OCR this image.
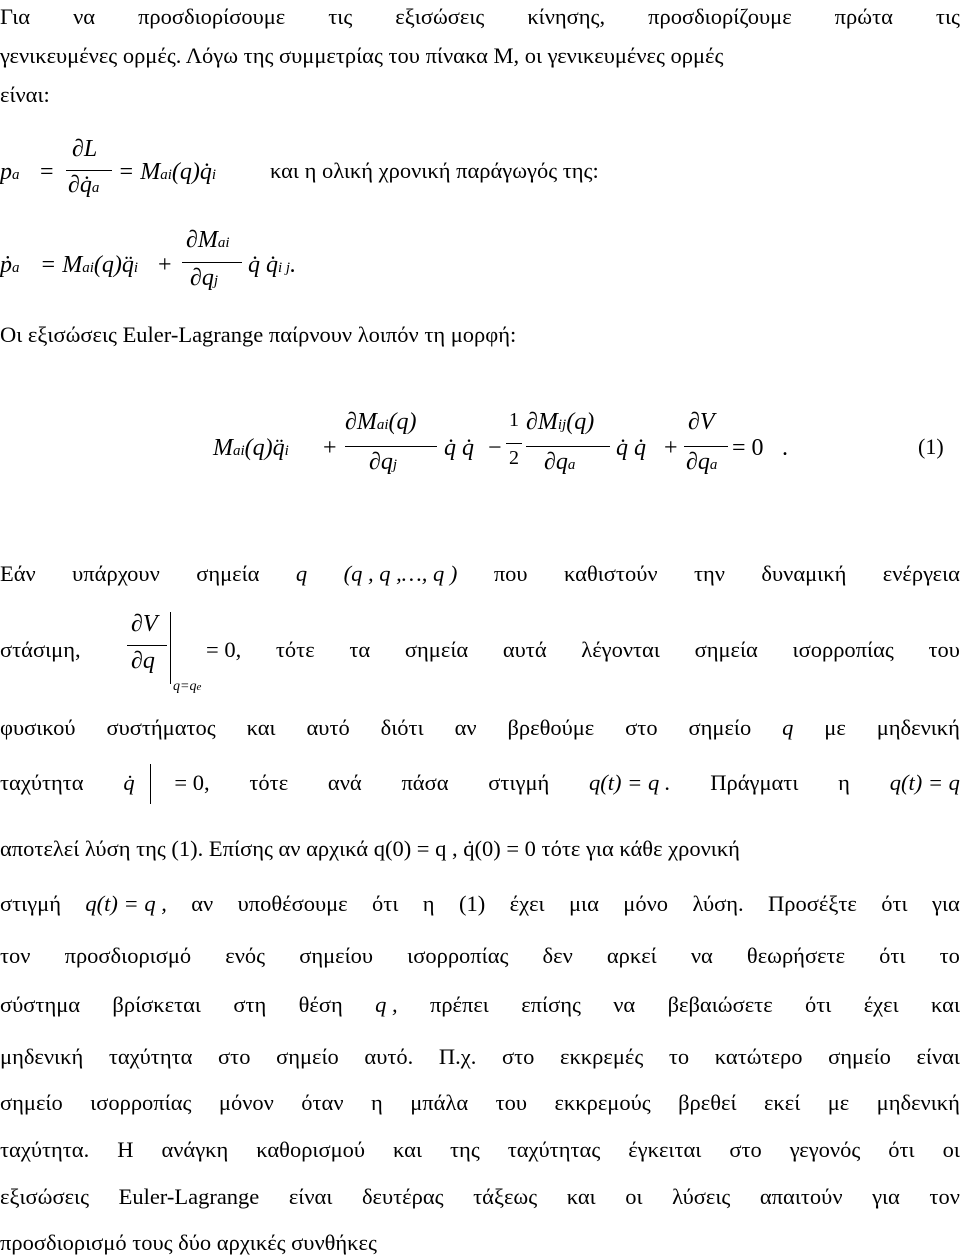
Για να προσδιορίσουμε τις εξισώσεις κίνησης, προσδιορίζουμε πρώτα τις
γενικευμένες ορμές. Λόγω της συμμετρίας του πίνακα Μ, οι γενικευμένες ορμές
είναι:
pa =
∂L
∂q̇a
= Mai(q)q̇i και η ολική χρονική παράγωγός της:
ṗa = Mai(q)q̈i +
∂Mai
∂qj
q̇ q̇i j.
Οι εξισώσεις Euler-Lagrange παίρνουν λοιπόν τη μορφή:
Mai(q)q̈i +
∂Mai(q)
∂qj
q̇ q̇ −
1
2
∂Mij(q)
∂qa
q̇ q̇ +
∂V
∂qa
= 0 .	(1)
Εάν υπάρχουν σημεία q (q , q ,…, q ) που καθιστούν την δυναμική ενέργεια
στάσιμη,
∂V
∂q
q=qe
= 0, τότε τα σημεία αυτά λέγονται σημεία ισορροπίας του
φυσικού συστήματος και αυτό διότι αν βρεθούμε στο σημείο q με μηδενική
ταχύτητα q̇ = 0, τότε ανά πάσα στιγμή q(t) = q . Πράγματι η q(t) = q
αποτελεί λύση της (1). Επίσης αν αρχικά q(0) = q , q̇(0) = 0 τότε για κάθε χρονική
στιγμή q(t) = q , αν υποθέσουμε ότι η (1) έχει μια μόνο λύση. Προσέξτε ότι για
τον προσδιορισμό ενός σημείου ισορροπίας δεν αρκεί να θεωρήσετε ότι το
σύστημα βρίσκεται στη θέση q , πρέπει επίσης να βεβαιώσετε ότι έχει και
μηδενική ταχύτητα στο σημείο αυτό. Π.χ. στο εκκρεμές το κατώτερο σημείο είναι
σημείο ισορροπίας μόνον όταν η μπάλα του εκκρεμούς βρεθεί εκεί με μηδενική
ταχύτητα. Η ανάγκη καθορισμού και της ταχύτητας έγκειται στο γεγονός ότι οι
εξισώσεις Euler-Lagrange είναι δευτέρας τάξεως και οι λύσεις απαιτούν για τον
προσδιορισμό τους δύο αρχικές συνθήκες
